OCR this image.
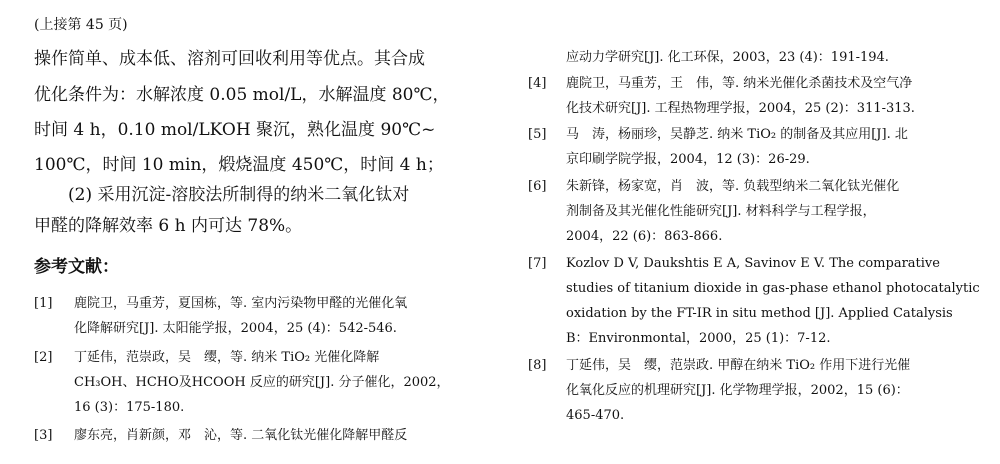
(上接第 45 页)
操作简单、成本低、溶剂可回收利用等优点。其合成
优化条件为：水解浓度 0.05 mol/L，水解温度 80℃，
时间 4 h，0.10 mol/LKOH 聚沉，熟化温度 90℃~
100℃，时间 10 min，煅烧温度 450℃，时间 4 h；
(2) 采用沉淀-溶胶法所制得的纳米二氧化钛对
甲醛的降解效率 6 h 内可达 78%。
参考文献：
[1] 鹿院卫，马重芳，夏国栋，等. 室内污染物甲醛的光催化氧
化降解研究[J]. 太阳能学报，2004，25 (4)：542-546.
[2] 丁延伟，范崇政，吴　缨，等. 纳米 TiO₂ 光催化降解
CH₃OH、HCHO及HCOOH 反应的研究[J]. 分子催化，2002，
16 (3)：175-180.
[3] 廖东亮，肖新颜，邓　沁，等. 二氧化钛光催化降解甲醛反
应动力学研究[J]. 化工环保，2003，23 (4)：191-194.
[4] 鹿院卫，马重芳，王　伟，等. 纳米光催化杀菌技术及空气净
化技术研究[J]. 工程热物理学报，2004，25 (2)：311-313.
[5] 马　涛，杨丽珍，吴静芝. 纳米 TiO₂ 的制备及其应用[J]. 北
京印刷学院学报，2004，12 (3)：26-29.
[6] 朱新锋，杨家宽，肖　波，等. 负载型纳米二氧化钛光催化
剂制备及其光催化性能研究[J]. 材料科学与工程学报，
2004，22 (6)：863-866.
[7] Kozlov D V, Daukshtis E A, Savinov E V. The comparative
studies of titanium dioxide in gas-phase ethanol photocatalytic
oxidation by the FT-IR in situ method [J]. Applied Catalysis
B：Environmontal，2000，25 (1)：7-12.
[8] 丁延伟，吴　缨，范崇政. 甲醇在纳米 TiO₂ 作用下进行光催
化氧化反应的机理研究[J]. 化学物理学报，2002，15 (6)：
465-470.
